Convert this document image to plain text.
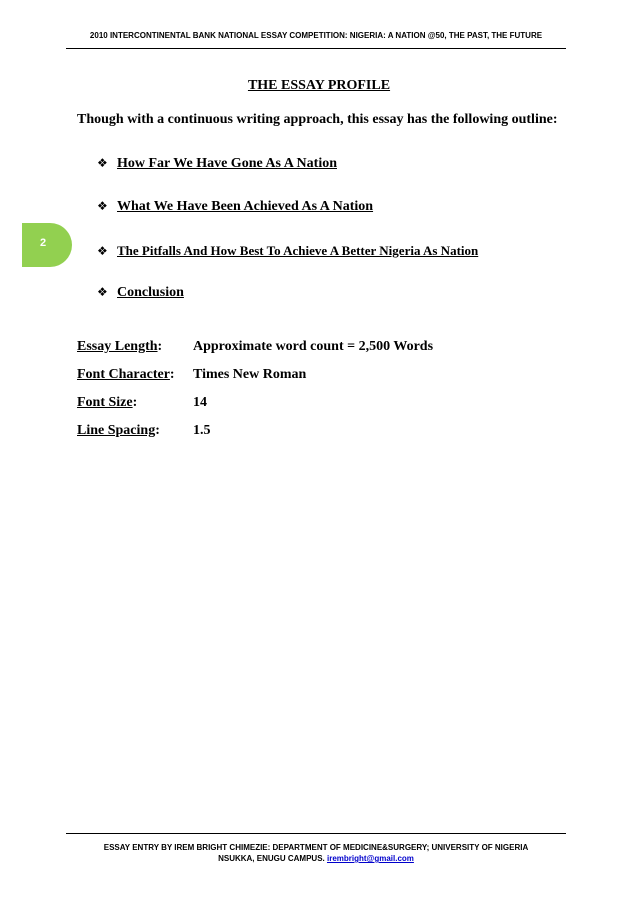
2010 INTERCONTINENTAL BANK NATIONAL ESSAY COMPETITION: NIGERIA: A NATION @50, THE PAST, THE FUTURE
2
THE ESSAY PROFILE
Though with a continuous writing approach, this essay has the following outline:
❖ How Far We Have Gone As A Nation
❖ What We Have Been Achieved As A Nation
❖ The Pitfalls And How Best To Achieve A Better Nigeria As Nation
❖ Conclusion
Essay Length: Approximate word count = 2,500 Words
Font Character: Times New Roman
Font Size:	14
Line Spacing: 1.5
ESSAY ENTRY BY IREM BRIGHT CHIMEZIE: DEPARTMENT OF MEDICINE&SURGERY; UNIVERSITY OF NIGERIA
NSUKKA, ENUGU CAMPUS. irembright@gmail.com
